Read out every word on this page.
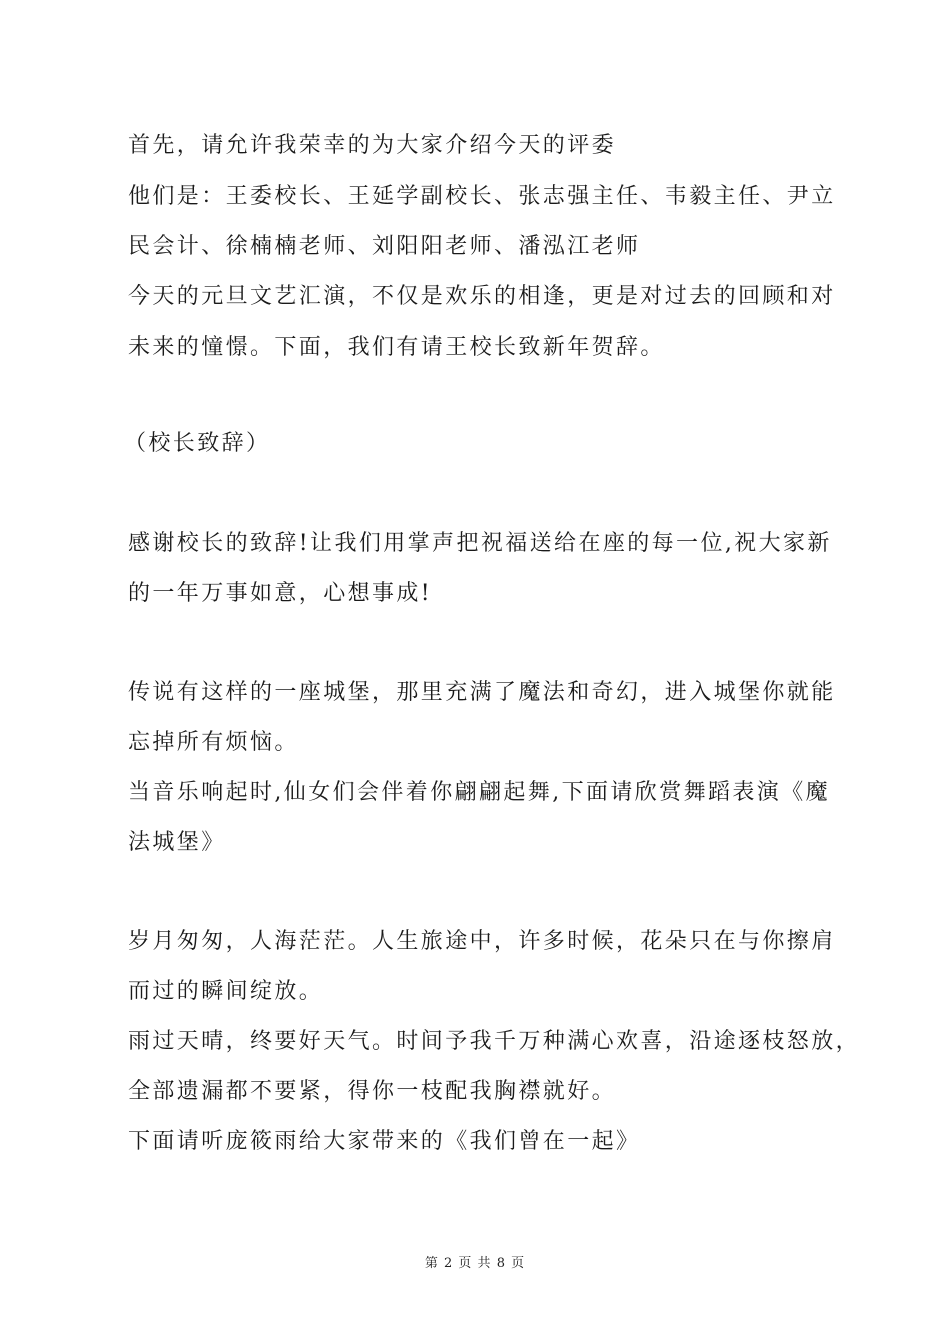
首先，请允许我荣幸的为大家介绍今天的评委
他们是：王委校长、王延学副校长、张志强主任、韦毅主任、尹立
民会计、徐楠楠老师、刘阳阳老师、潘泓江老师
今天的元旦文艺汇演，不仅是欢乐的相逢，更是对过去的回顾和对
未来的憧憬。下面，我们有请王校长致新年贺辞。
（校长致辞）
感谢校长的致辞!让我们用掌声把祝福送给在座的每一位,祝大家新
的一年万事如意，心想事成!
传说有这样的一座城堡，那里充满了魔法和奇幻，进入城堡你就能
忘掉所有烦恼。
当音乐响起时,仙女们会伴着你翩翩起舞,下面请欣赏舞蹈表演《魔
法城堡》
岁月匆匆，人海茫茫。人生旅途中，许多时候，花朵只在与你擦肩
而过的瞬间绽放。
雨过天晴，终要好天气。时间予我千万种满心欢喜，沿途逐枝怒放，
全部遗漏都不要紧，得你一枝配我胸襟就好。
下面请听庞筱雨给大家带来的《我们曾在一起》
第 2 页 共 8 页
